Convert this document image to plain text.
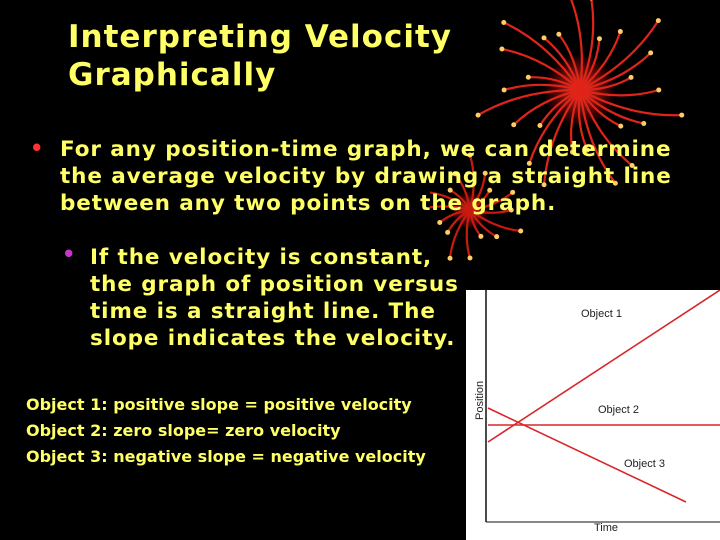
Interpreting Velocity
Graphically
• For any position-time graph, we can determine the average velocity by drawing a straight line between any two points on the graph.

• If the velocity is constant, the graph of position versus time is a straight line. The slope indicates the velocity.

Object 1: positive slope = positive velocity
Object 2: zero slope= zero velocity
Object 3: negative slope = negative velocity
Object 1
Object 2
Object 3
Time
Position
